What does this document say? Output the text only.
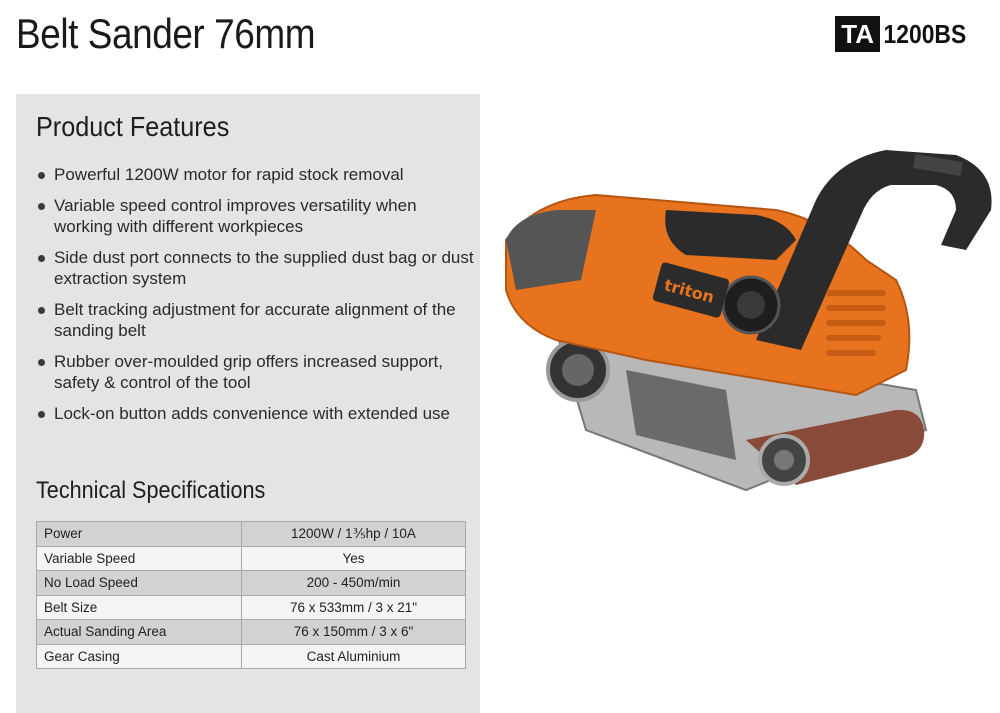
Belt Sander 76mm	TA 1200BS
Product Features
Powerful 1200W motor for rapid stock removal
Variable speed control improves versatility when working with different workpieces
Side dust port connects to the supplied dust bag or dust extraction system
Belt tracking adjustment for accurate alignment of the sanding belt
Rubber over-moulded grip offers increased support, safety & control of the tool
Lock-on button adds convenience with extended use
Technical Specifications
Power	1200W / 1⅗hp / 10A
Variable Speed	Yes
No Load Speed	200 - 450m/min
Belt Size	76 x 533mm / 3 x 21"
Actual Sanding Area	76 x 150mm / 3 x 6"
Gear Casing	Cast Aluminium
triton
